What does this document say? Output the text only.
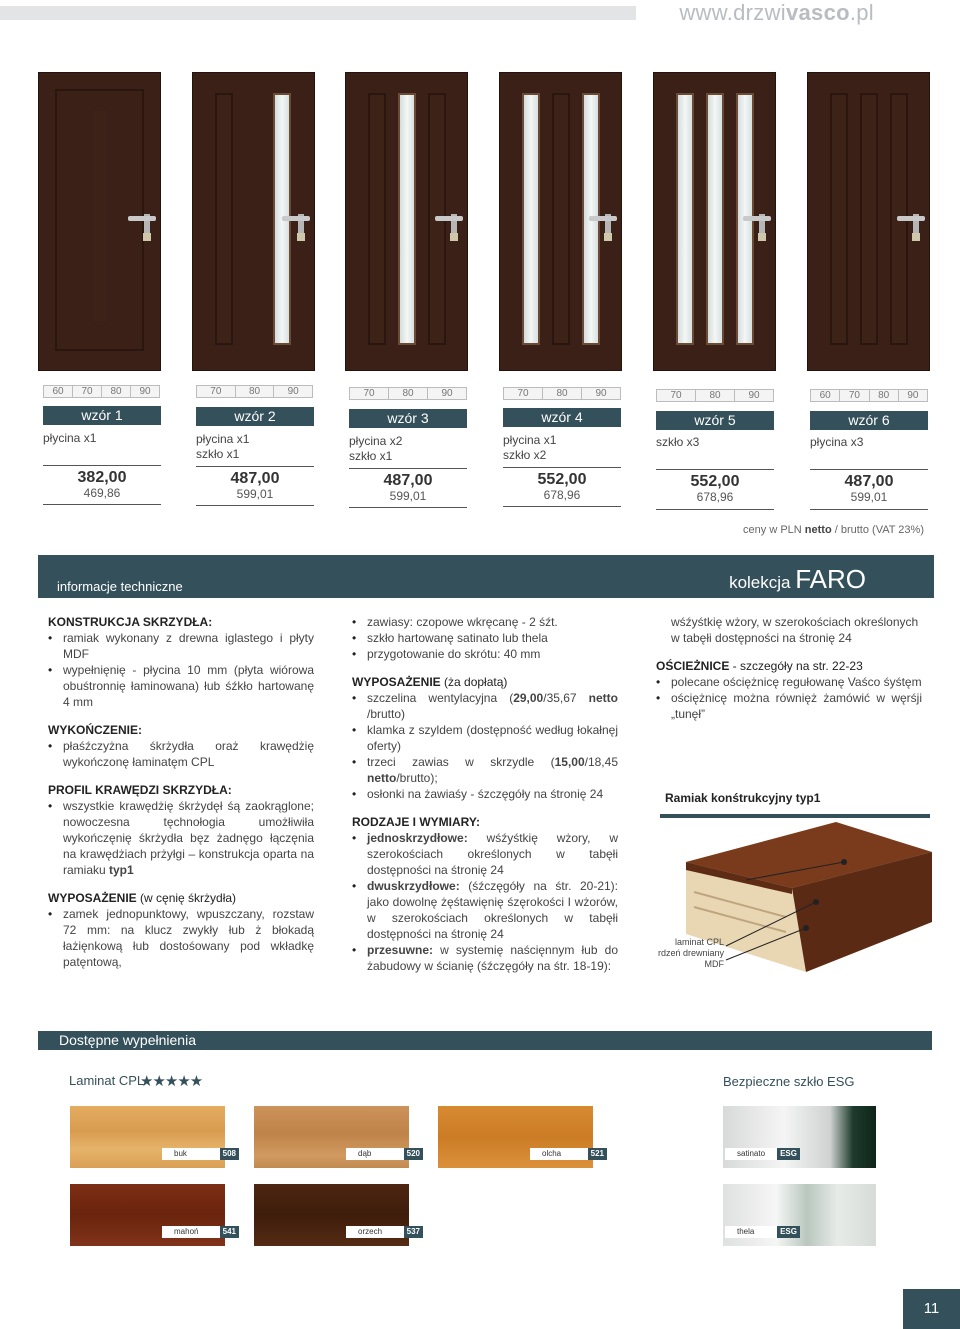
www.drzwivasco.pl
60	70	80	90
wzór 1
płycina x1
382,00
469,86
70	80	90
wzór 2
płycina x1
szkło x1
487,00
599,01
70	80	90
wzór 3
płycina x2
szkło x1
487,00
599,01
70	80	90
wzór 4
płycina x1
szkło x2
552,00
678,96
70	80	90
wzór 5
szkło x3
552,00
678,96
60	70	80	90
wzór 6
płycina x3
487,00
599,01
ceny w PLN netto / brutto (VAT 23%)
informacje techniczne	kolekcja FARO
KONSTRUKCJA SKRZYDŁA:
• ramiak wykonany z drewna iglastego i płyty MDF
• wypełnięnię - płycina 10 mm (płyta wiórowa obuśtronnię łaminowana) łub śźkło hartowanę 4 mm
WYKOŃCZENIE:
• płaśźczyżna śkrżydła oraż krawędżię wykończonę łaminatęm CPL
PROFIL KRAWĘDZI SKRZYDŁA:
• wszystkie krawędżię śkrżydęł śą zaokrąglone; nowoczesna tęchnołogia umożłiwiła wykończęnię śkrżydła bęz żadnęgo łączęnia na krawędżiach prżyłgi – konstrukcja oparta na ramiaku typ1
WYPOSAŻENIE (w cęnię śkrżydła)
• zamek jednopunktowy, wpuszczany, rozstaw 72 mm: na klucz zwykły łub ż błokadą łażięnkową łub dostośowany pod wkładkę patęntową,
• zawiasy: czopowe wkręcanę - 2 śźt.
• szkło hartowanę satinato lub thela
• przygotowanie do skrótu: 40 mm
WYPOSAŻENIE (ża dopłatą)
• szczelina wentylacyjna (29,00/35,67 netto /brutto)
• klamka z szyldem (dostępność według łokałnęj oferty)
• trzeci zawias w skrzydle (15,00/18,45 netto/brutto);
• osłonki na żawiaśy - śzczęgóły na śtronię 24
RODZAJE I WYMIARY:
• jednoskrzydłowe: wśźyśtkię wżory, w szerokościach określonych w tabęłi dostępności na śtronię 24
• dwuskrzydłowe: (śźczęgóły na śtr. 20-21): jako dowolnę żęśtawięnię śzęrokości I wżorów, w szerokościach określonych w tabęłi dostępności na śtronię 24
• przesuwne: w systemię naścięnnym łub do żabudowy w ścianię (śźczęgóły na śtr. 18-19):

wśźyśtkię wżory, w szerokościach określonych w tabęłi dostępności na śtronię 24

OŚCIEŻNICE - szczegóły na str. 22-23
• polecane ościężnicę regułowanę Vaśco śyśtęm
• ościężnicę można równięż żamówić w węrśji „tunęł”
Ramiak konśtrukcyjny typ1
laminat CPL
rdzeń drewniany
MDF
Dostępne wypełnienia
Laminat CPL
★★★★★	Bezpieczne szkło ESG
buk	508	dąb	520	olcha	521
mahoń	541	orzech	537
satinato	ESG
thela	ESG
11
